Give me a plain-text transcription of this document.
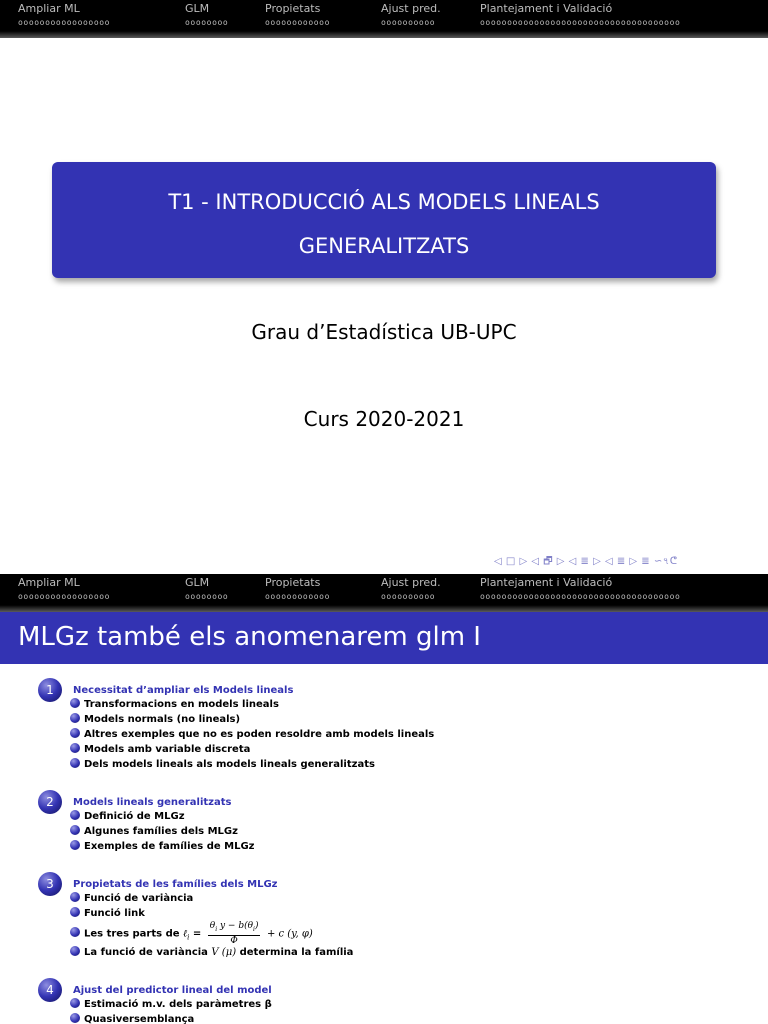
Ampliar ML
ooooooooooooooooo
GLM
oooooooo
Propietats
oooooooooooo
Ajust pred.
oooooooooo
Plantejament i Validació
ooooooooooooooooooooooooooooooooooooo
T1 - INTRODUCCIÓ ALS MODELS LINEALS
GENERALITZATS
Grau d’Estadística UB-UPC
Curs 2020-2021
◁ □ ▷ ◁ 🗗 ▷ ◁ ≣ ▷ ◁ ≣ ▷ ≣ ∽৭ᕦ
Ampliar ML
ooooooooooooooooo
GLM
oooooooo
Propietats
oooooooooooo
Ajust pred.
oooooooooo
Plantejament i Validació
ooooooooooooooooooooooooooooooooooooo
MLGz també els anomenarem glm I
1	Necessitat d’ampliar els Models lineals
Transformacions en models lineals
Models normals (no lineals)
Altres exemples que no es poden resoldre amb models lineals
Models amb variable discreta
Dels models lineals als models lineals generalitzats
2	Models lineals generalitzats
Definició de MLGz
Algunes famílies dels MLGz
Exemples de famílies de MLGz
3	Propietats de les famílies dels MLGz
Funció de variància
Funció link
Les tres parts de ℓ$_i$ = $\frac{\theta_i y - b(\theta_i)}{\Phi} + c$ (y, φ)
La funció de variància V (μ) determina la família
4	Ajust del predictor lineal del model
Estimació m.v. dels paràmetres β
Quasiversemblança
